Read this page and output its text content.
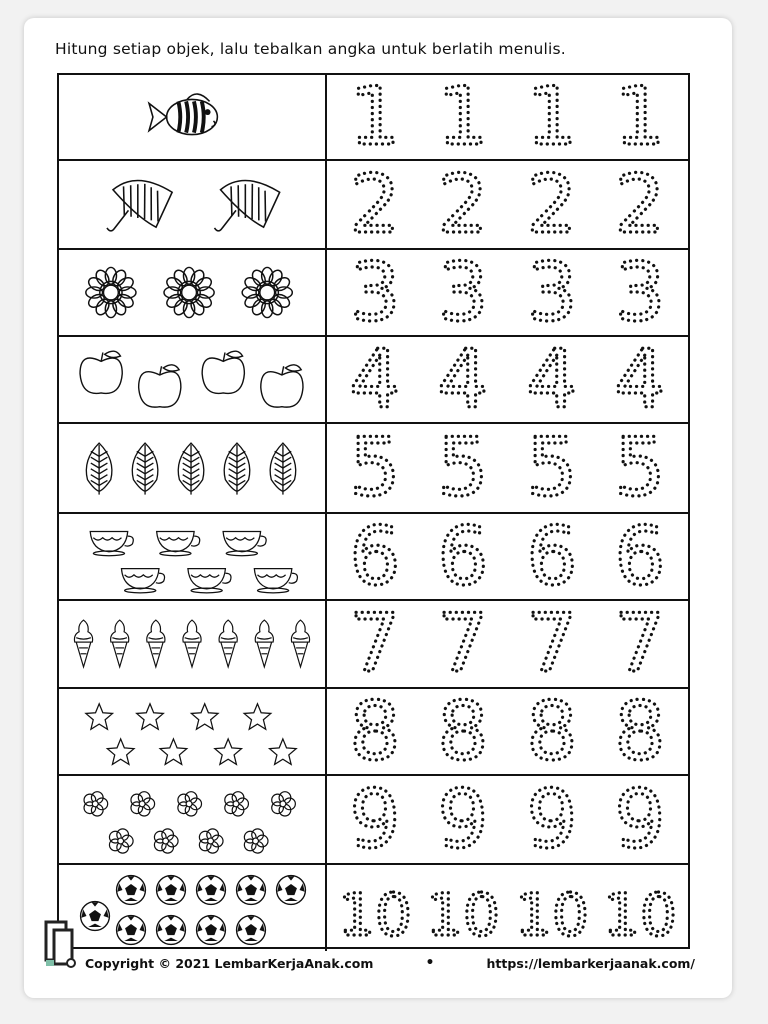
Hitung setiap objek, lalu tebalkan angka untuk berlatih menulis.
1 1 1 1
2 2 2 2
3 3 3 3
4 4 4 4
5 5 5 5
6 6 6 6
7 7 7 7
8 8 8 8
9 9 9 9
10 10 10 10
Copyright © 2021 LembarKerjaAnak.com	•	https://lembarkerjaanak.com/
